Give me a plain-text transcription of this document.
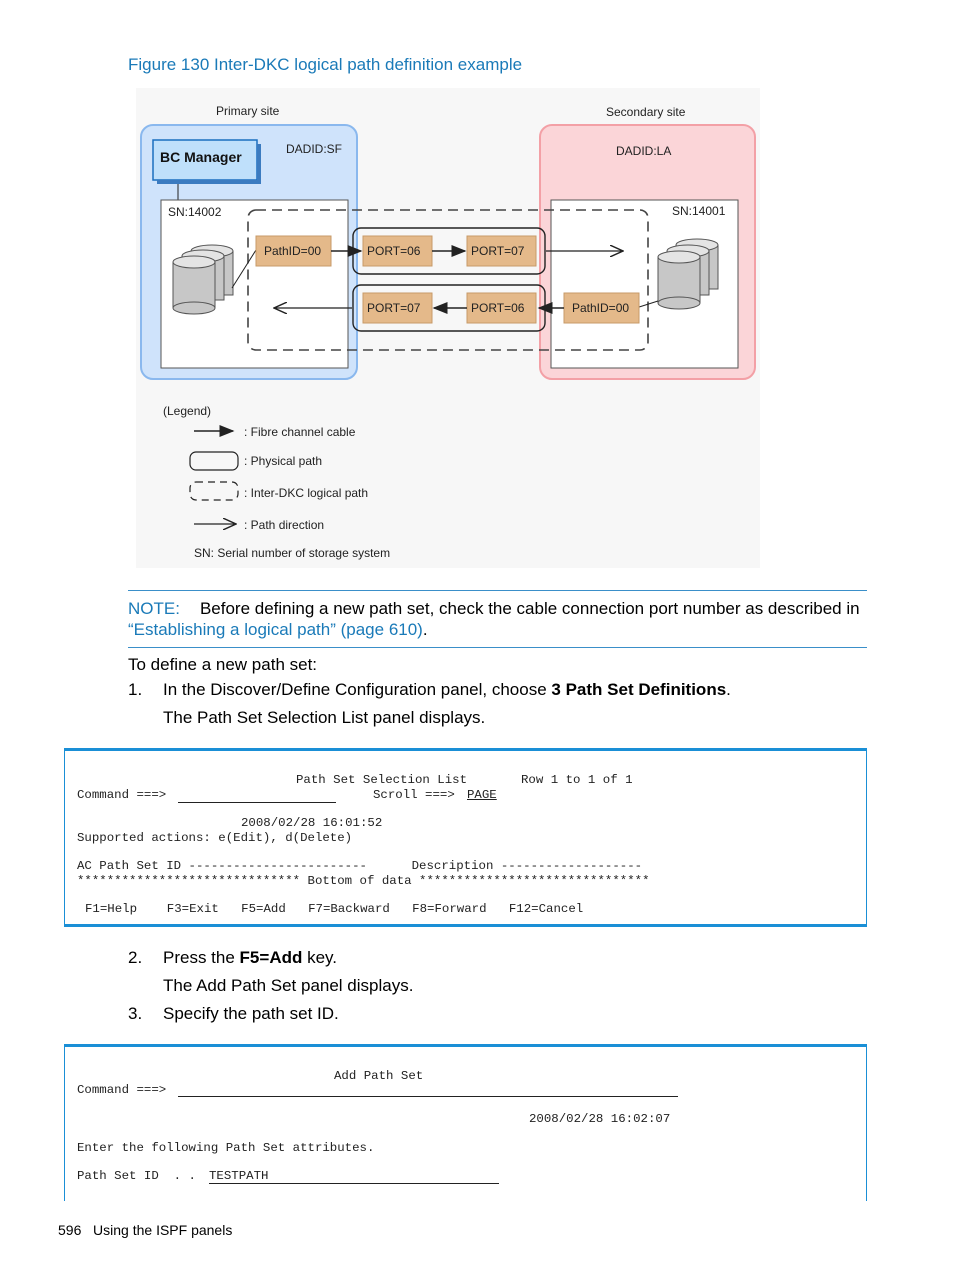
Figure 130 Inter-DKC logical path definition example
Primary site
BC Manager	DADID:SF
SN:14002
Secondary site
DADID:LA
SN:14001
PathID=00	PORT=06	PORT=07
PORT=07	PORT=06	PathID=00
(Legend)
: Fibre channel cable
: Physical path
: Inter-DKC logical path
: Path direction
SN: Serial number of storage system
NOTE: Before defining a new path set, check the cable connection port number as described in “Establishing a logical path” (page 610).
To define a new path set:
1. In the Discover/Define Configuration panel, choose 3 Path Set Definitions.
The Path Set Selection List panel displays.
Path Set Selection List	Row 1 to 1 of 1
Command ===>	Scroll ===> PAGE
2008/02/28 16:01:52
Supported actions: e(Edit), d(Delete)
AC Path Set ID ------------------------      Description -------------------
****************************** Bottom of data *******************************
F1=Help    F3=Exit   F5=Add   F7=Backward   F8=Forward   F12=Cancel
2. Press the F5=Add key.
The Add Path Set panel displays.
3. Specify the path set ID.
Add Path Set
Command ===>
2008/02/28 16:02:07
Enter the following Path Set attributes.
Path Set ID  . . TESTPATH
596 Using the ISPF panels
